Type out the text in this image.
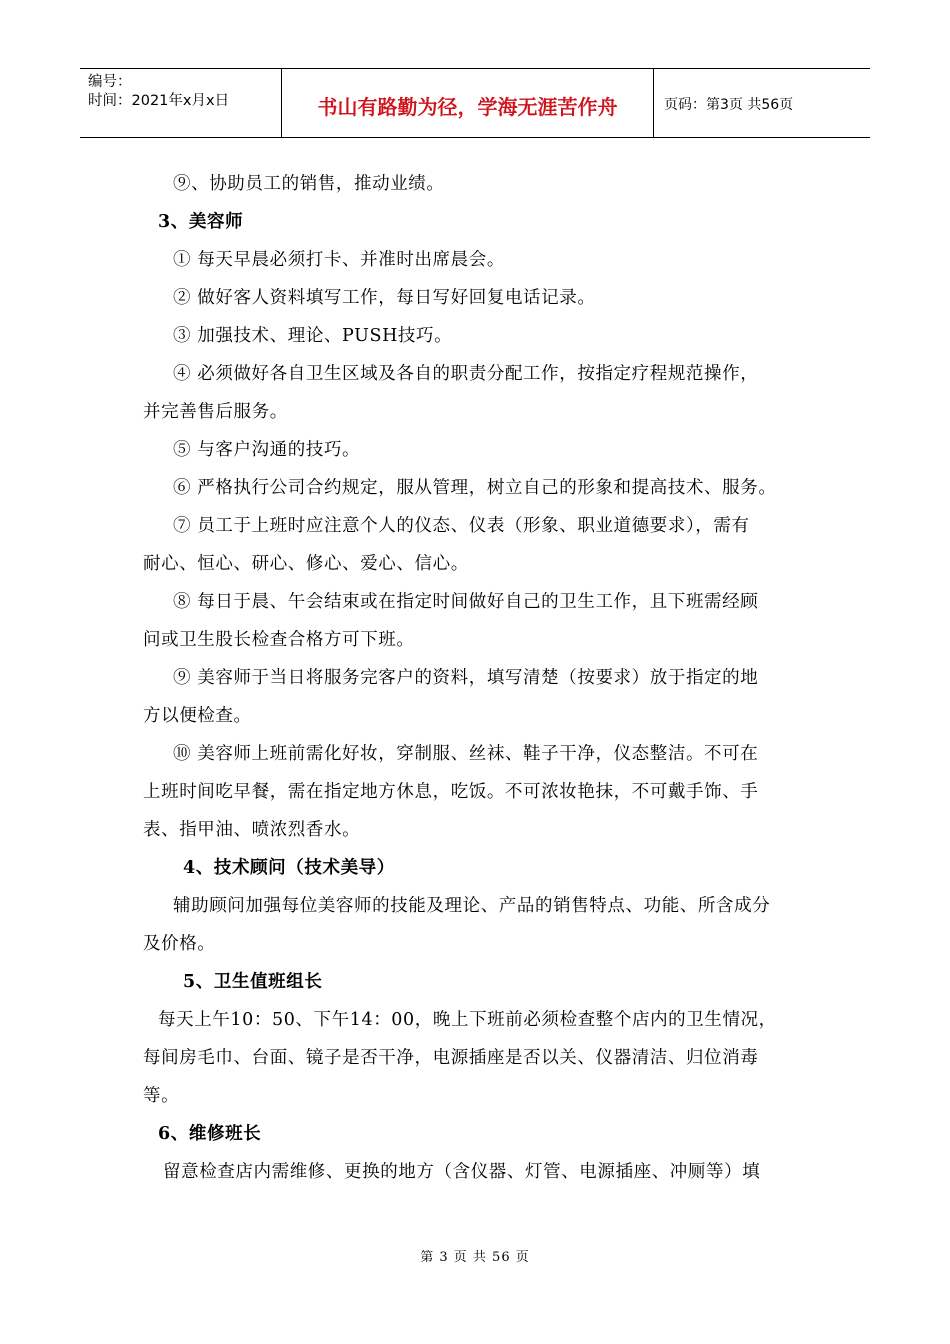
编号：
时间：2021年x月x日	书山有路勤为径，学海无涯苦作舟	页码：第3页 共56页
⑨、协助员工的销售，推动业绩。
3、美容师
① 每天早晨必须打卡、并准时出席晨会。
② 做好客人资料填写工作，每日写好回复电话记录。
③ 加强技术、理论、PUSH技巧。
④ 必须做好各自卫生区域及各自的职责分配工作，按指定疗程规范操作，
并完善售后服务。
⑤ 与客户沟通的技巧。
⑥ 严格执行公司合约规定，服从管理，树立自己的形象和提高技术、服务。
⑦ 员工于上班时应注意个人的仪态、仪表（形象、职业道德要求），需有
耐心、恒心、研心、修心、爱心、信心。
⑧ 每日于晨、午会结束或在指定时间做好自己的卫生工作，且下班需经顾
问或卫生股长检查合格方可下班。
⑨ 美容师于当日将服务完客户的资料，填写清楚（按要求）放于指定的地
方以便检查。
⑩ 美容师上班前需化好妆，穿制服、丝袜、鞋子干净，仪态整洁。不可在
上班时间吃早餐，需在指定地方休息，吃饭。不可浓妆艳抹，不可戴手饰、手
表、指甲油、喷浓烈香水。
4、技术顾问（技术美导）
辅助顾问加强每位美容师的技能及理论、产品的销售特点、功能、所含成分
及价格。
5、卫生值班组长
每天上午10：50、下午14：00，晚上下班前必须检查整个店内的卫生情况，
每间房毛巾、台面、镜子是否干净，电源插座是否以关、仪器清洁、归位消毒
等。
6、维修班长
留意检查店内需维修、更换的地方（含仪器、灯管、电源插座、冲厕等）填
第 3 页 共 56 页
